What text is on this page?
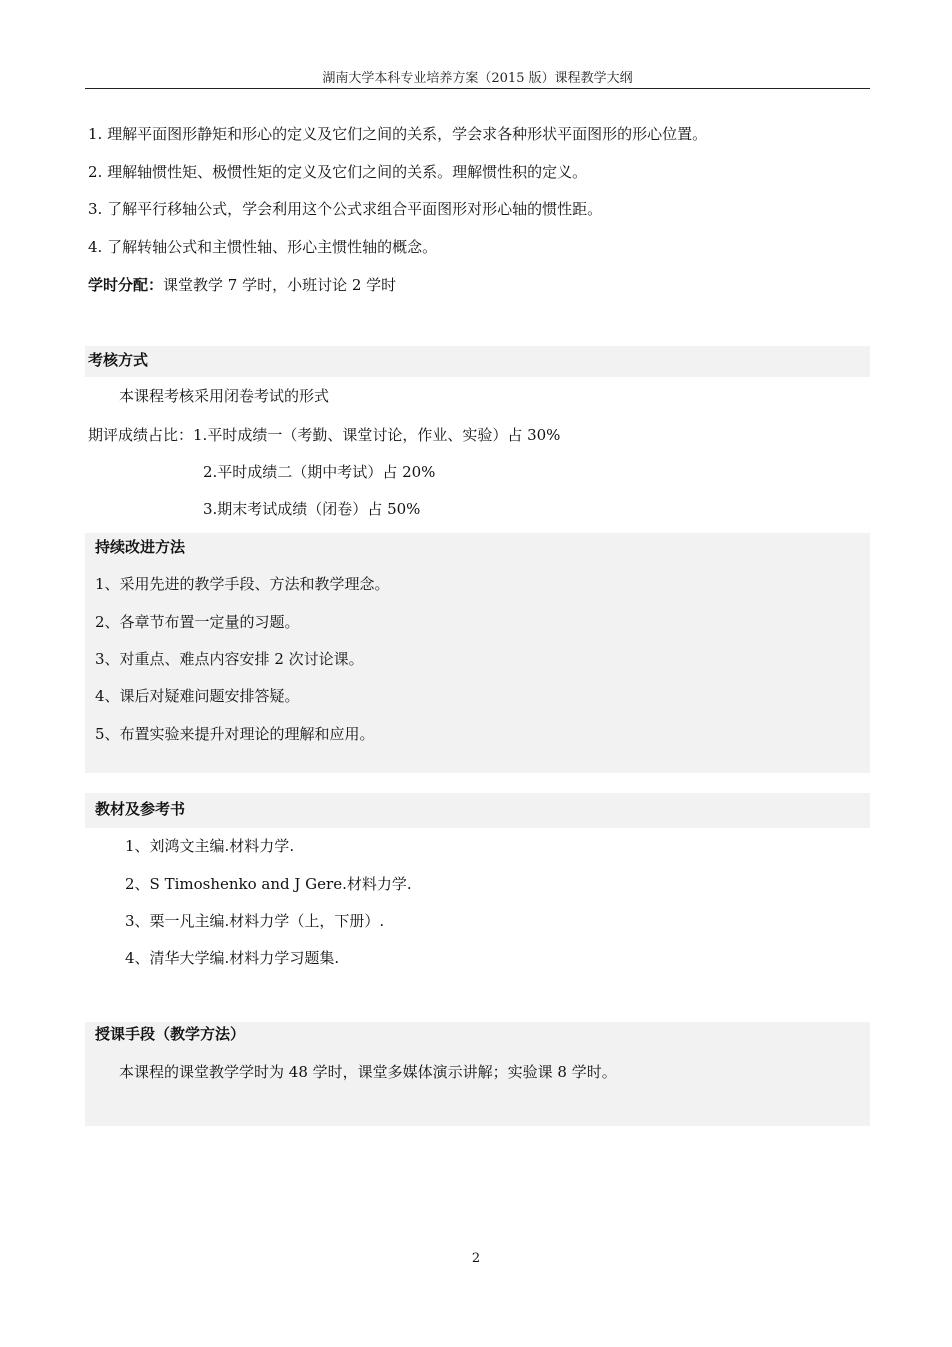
湖南大学本科专业培养方案（2015 版）课程教学大纲
1. 理解平面图形静矩和形心的定义及它们之间的关系，学会求各种形状平面图形的形心位置。
2. 理解轴惯性矩、极惯性矩的定义及它们之间的关系。理解惯性积的定义。
3. 了解平行移轴公式，学会利用这个公式求组合平面图形对形心轴的惯性距。
4. 了解转轴公式和主惯性轴、形心主惯性轴的概念。
学时分配：课堂教学 7 学时，小班讨论 2 学时
考核方式
本课程考核采用闭卷考试的形式
期评成绩占比：1.平时成绩一（考勤、课堂讨论，作业、实验）占 30%
2.平时成绩二（期中考试）占 20%
3.期末考试成绩（闭卷）占 50%
持续改进方法
1、采用先进的教学手段、方法和教学理念。
2、各章节布置一定量的习题。
3、对重点、难点内容安排 2 次讨论课。
4、课后对疑难问题安排答疑。
5、布置实验来提升对理论的理解和应用。
教材及参考书
1、刘鸿文主编.材料力学.
2、S Timoshenko and J Gere.材料力学.
3、栗一凡主编.材料力学（上，下册）.
4、清华大学编.材料力学习题集.
授课手段（教学方法）
本课程的课堂教学学时为 48 学时，课堂多媒体演示讲解；实验课 8 学时。
2
